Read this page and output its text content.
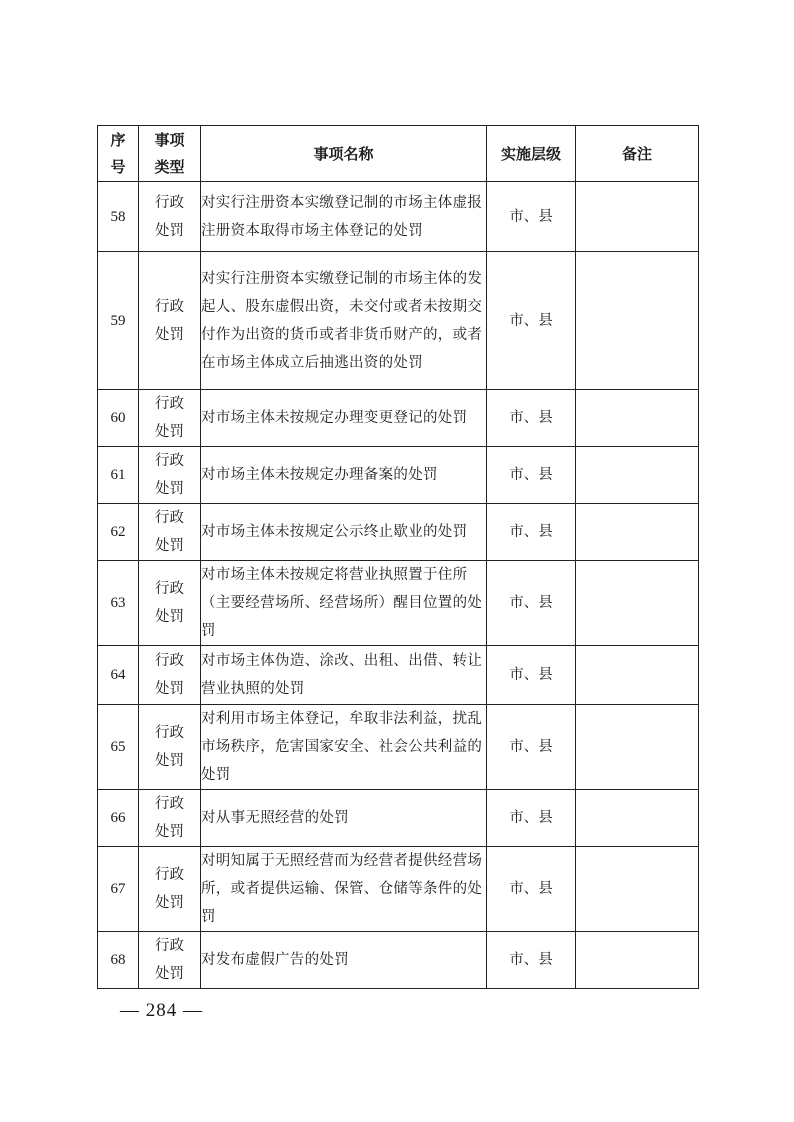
序号	事项类型	事项名称	实施层级	备注
58	行政处罚	对实行注册资本实缴登记制的市场主体虚报注册资本取得市场主体登记的处罚	市、县	
59	行政处罚	对实行注册资本实缴登记制的市场主体的发起人、股东虚假出资，未交付或者未按期交付作为出资的货币或者非货币财产的，或者在市场主体成立后抽逃出资的处罚	市、县	
60	行政处罚	对市场主体未按规定办理变更登记的处罚	市、县	
61	行政处罚	对市场主体未按规定办理备案的处罚	市、县	
62	行政处罚	对市场主体未按规定公示终止歇业的处罚	市、县	
63	行政处罚	对市场主体未按规定将营业执照置于住所（主要经营场所、经营场所）醒目位置的处罚	市、县	
64	行政处罚	对市场主体伪造、涂改、出租、出借、转让营业执照的处罚	市、县	
65	行政处罚	对利用市场主体登记，牟取非法利益，扰乱市场秩序，危害国家安全、社会公共利益的处罚	市、县	
66	行政处罚	对从事无照经营的处罚	市、县	
67	行政处罚	对明知属于无照经营而为经营者提供经营场所，或者提供运输、保管、仓储等条件的处罚	市、县	
68	行政处罚	对发布虚假广告的处罚	市、县	
— 284 —
